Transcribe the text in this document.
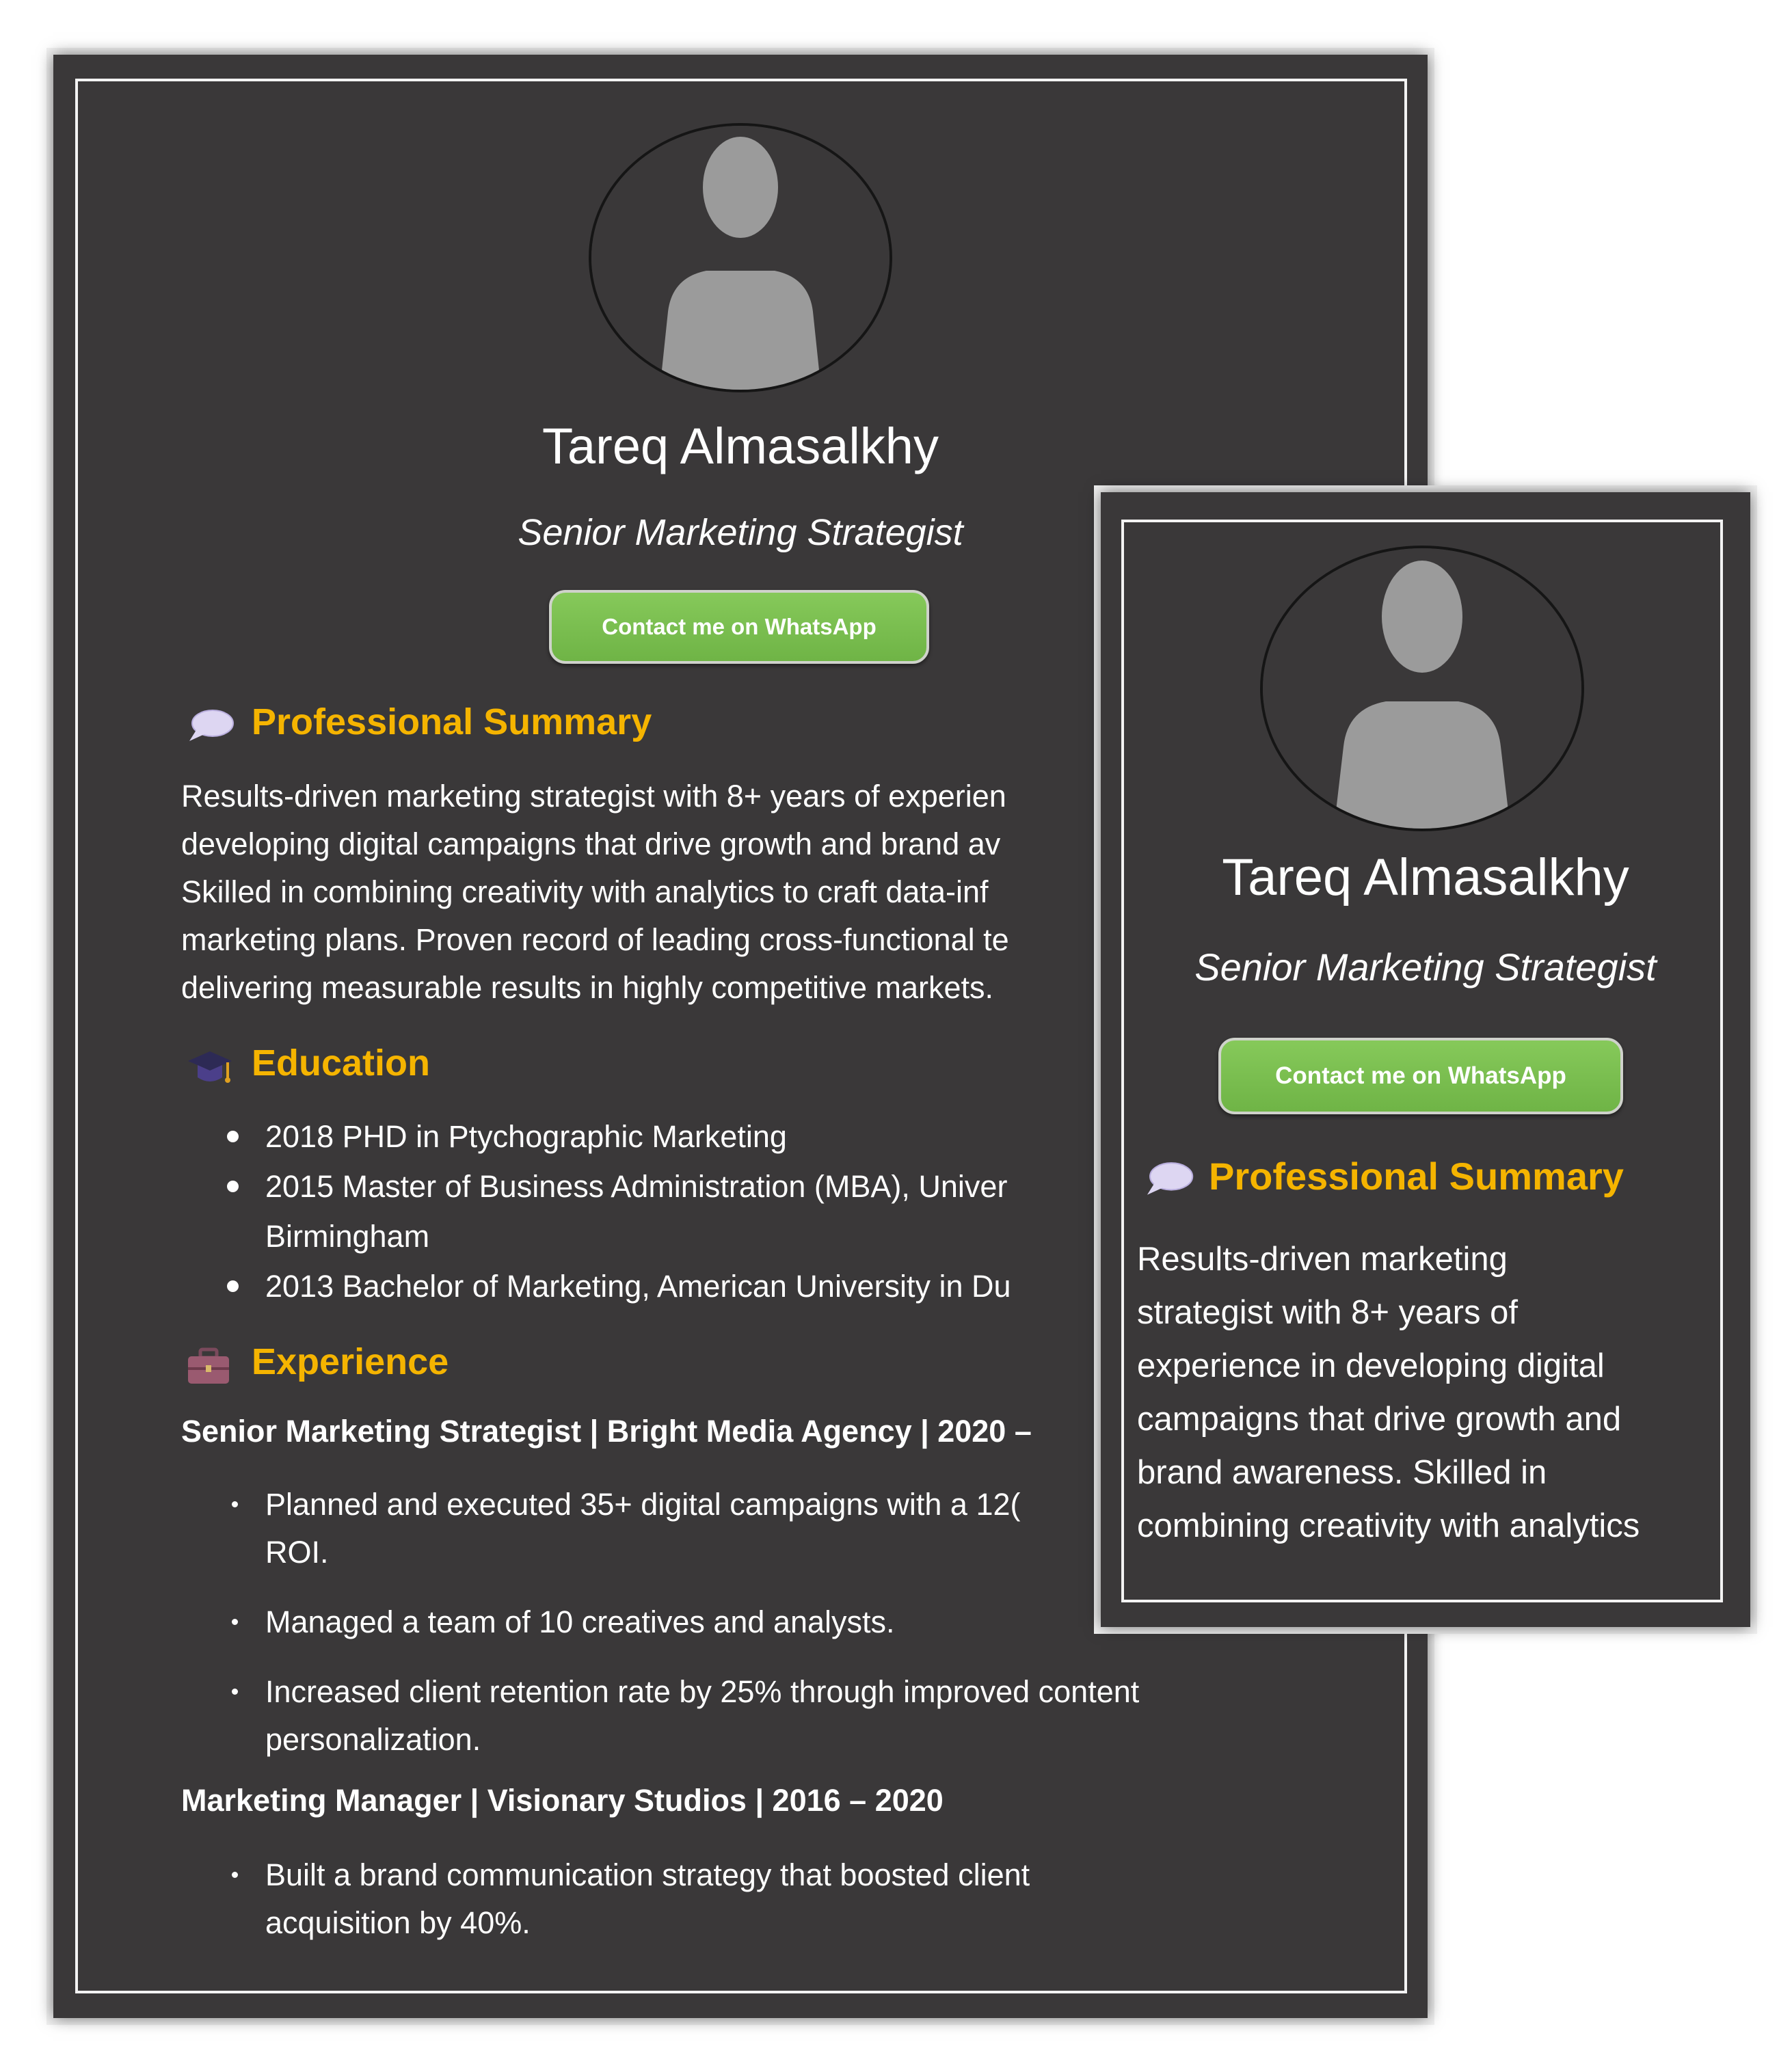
Tareq Almasalkhy
Senior Marketing Strategist
Contact me on WhatsApp
Professional Summary
Results-driven marketing strategist with 8+ years of experien
developing digital campaigns that drive growth and brand av
Skilled in combining creativity with analytics to craft data-inf
marketing plans. Proven record of leading cross-functional te
delivering measurable results in highly competitive markets.
Education
2018 PHD in Ptychographic Marketing
2015 Master of Business Administration (MBA), Univer
Birmingham
2013 Bachelor of Marketing, American University in Du
Experience
Senior Marketing Strategist | Bright Media Agency | 2020 –
Planned and executed 35+ digital campaigns with a 12(
ROI.
Managed a team of 10 creatives and analysts.
Increased client retention rate by 25% through improved content
personalization.
Marketing Manager | Visionary Studios | 2016 – 2020
Built a brand communication strategy that boosted client
acquisition by 40%.
Tareq Almasalkhy
Senior Marketing Strategist
Contact me on WhatsApp
Professional Summary
Results-driven marketing
strategist with 8+ years of
experience in developing digital
campaigns that drive growth and
brand awareness. Skilled in
combining creativity with analytics
